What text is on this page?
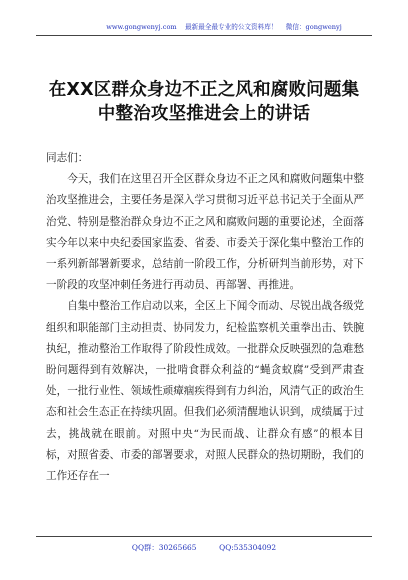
www.gongwenyj.com 最新最全最专业的公文资料库！ 微信：gongwenyj
在XX区群众身边不正之风和腐败问题集
中整治攻坚推进会上的讲话

同志们：

今天，我们在这里召开全区群众身边不正之风和腐败问题集中整治攻坚推进会，主要任务是深入学习贯彻习近平总书记关于全面从严治党、特别是整治群众身边不正之风和腐败问题的重要论述，全面落实今年以来中央纪委国家监委、省委、市委关于深化集中整治工作的一系列新部署新要求，总结前一阶段工作，分析研判当前形势，对下一阶段的攻坚冲刺任务进行再动员、再部署、再推进。

自集中整治工作启动以来，全区上下闻令而动、尽锐出战各级党组织和职能部门主动担责、协同发力，纪检监察机关重拳出击、铁腕执纪，推动整治工作取得了阶段性成效。一批群众反映强烈的急难愁盼问题得到有效解决，一批啃食群众利益的“蝇贪蚁腐”受到严肃查处，一批行业性、领域性顽瘴痼疾得到有力纠治，风清气正的政治生态和社会生态正在持续巩固。但我们必须清醒地认识到，成绩属于过去，挑战就在眼前。对照中央“为民而战、让群众有感”的根本目标，对照省委、市委的部署要求，对照人民群众的热切期盼，我们的工作还存在一

QQ群：30265665	QQ:535304092
